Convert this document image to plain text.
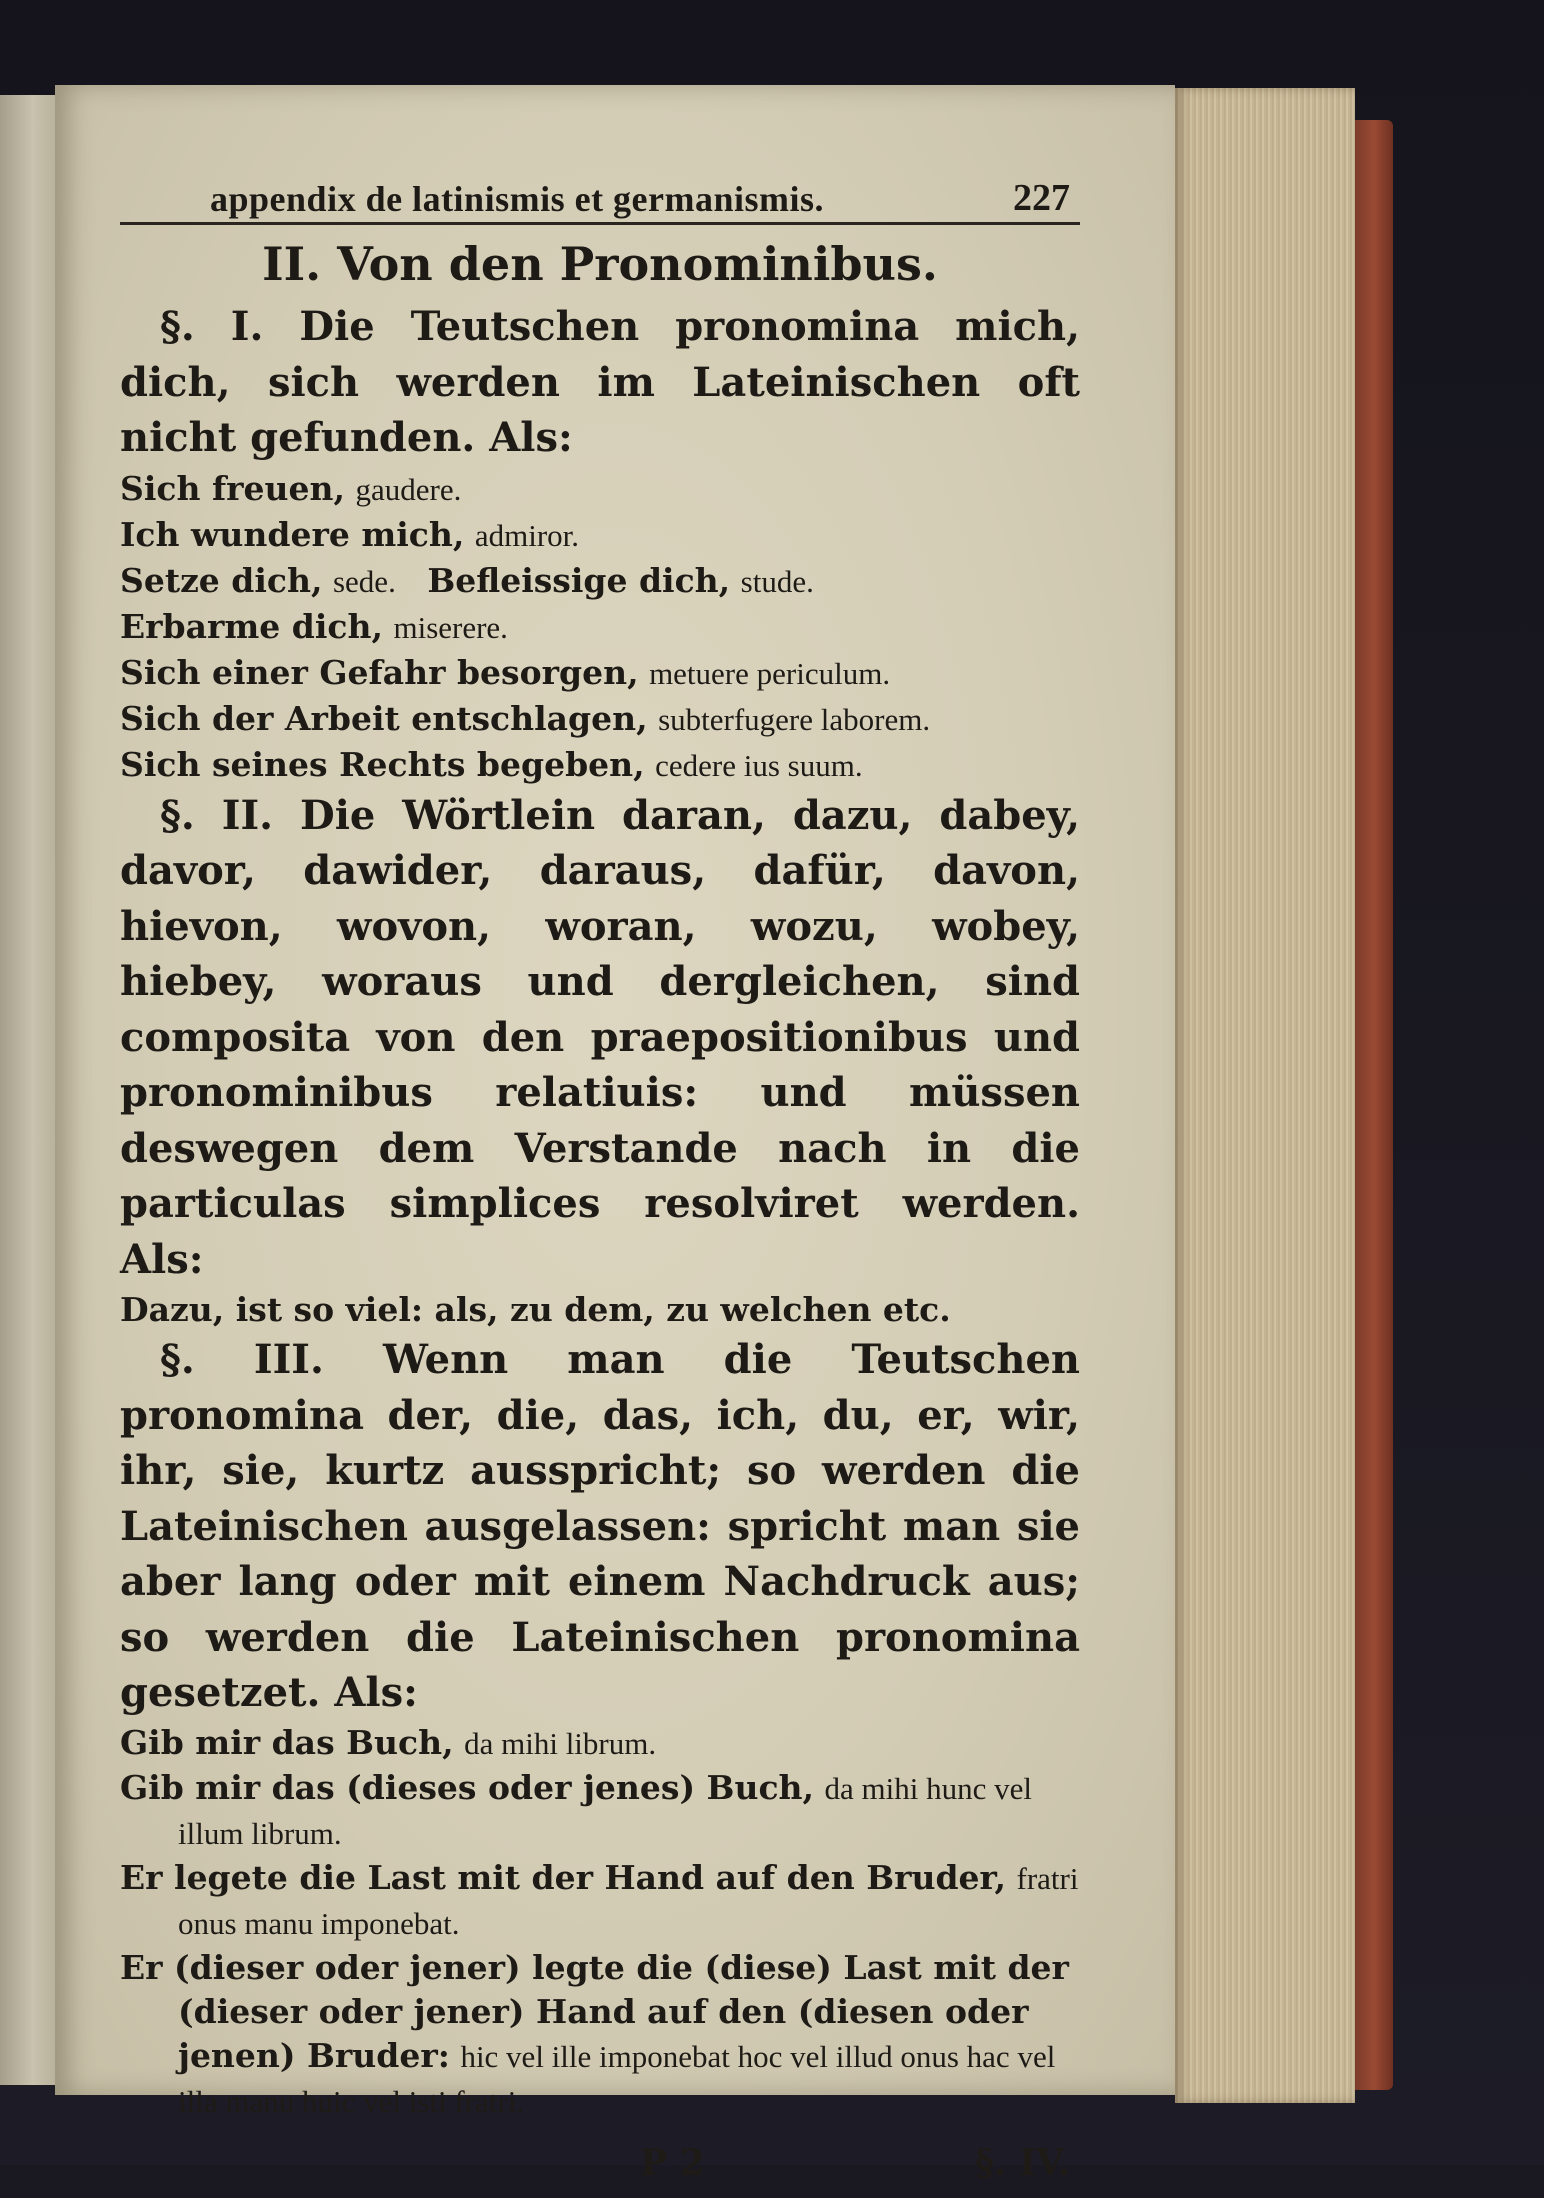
appendix de latinismis et germanismis.	227
II. Von den Pronominibus.

§. I. Die Teutschen pronomina mich, dich, sich werden im Lateinischen oft nicht gefunden. Als:

Sich freuen, gaudere.

Ich wundere mich, admiror.

Setze dich, sede. Befleissige dich, stude.

Erbarme dich, miserere.

Sich einer Gefahr besorgen, metuere periculum.

Sich der Arbeit entschlagen, subterfugere laborem.

Sich seines Rechts begeben, cedere ius suum.

§. II. Die Wörtlein daran, dazu, dabey, davor, dawider, daraus, dafür, davon, hievon, wovon, woran, wozu, wobey, hiebey, woraus und dergleichen, sind composita von den praepositionibus und pronominibus relatiuis: und müssen deswegen dem Verstande nach in die particulas simplices resolviret werden. Als:

Dazu, ist so viel: als, zu dem, zu welchen etc.

§. III. Wenn man die Teutschen pronomina der, die, das, ich, du, er, wir, ihr, sie, kurtz ausspricht; so werden die Lateinischen ausgelassen: spricht man sie aber lang oder mit einem Nachdruck aus; so werden die Lateinischen pronomina gesetzet. Als:

Gib mir das Buch, da mihi librum.

Gib mir das (dieses oder jenes) Buch, da mihi hunc vel illum librum.

Er legete die Last mit der Hand auf den Bruder, fratri onus manu imponebat.

Er (dieser oder jener) legte die (diese) Last mit der (dieser oder jener) Hand auf den (diesen oder jenen) Bruder: hic vel ille imponebat hoc vel illud onus hac vel illa manu huic vel isti fratri.

P 2	§. IV.
